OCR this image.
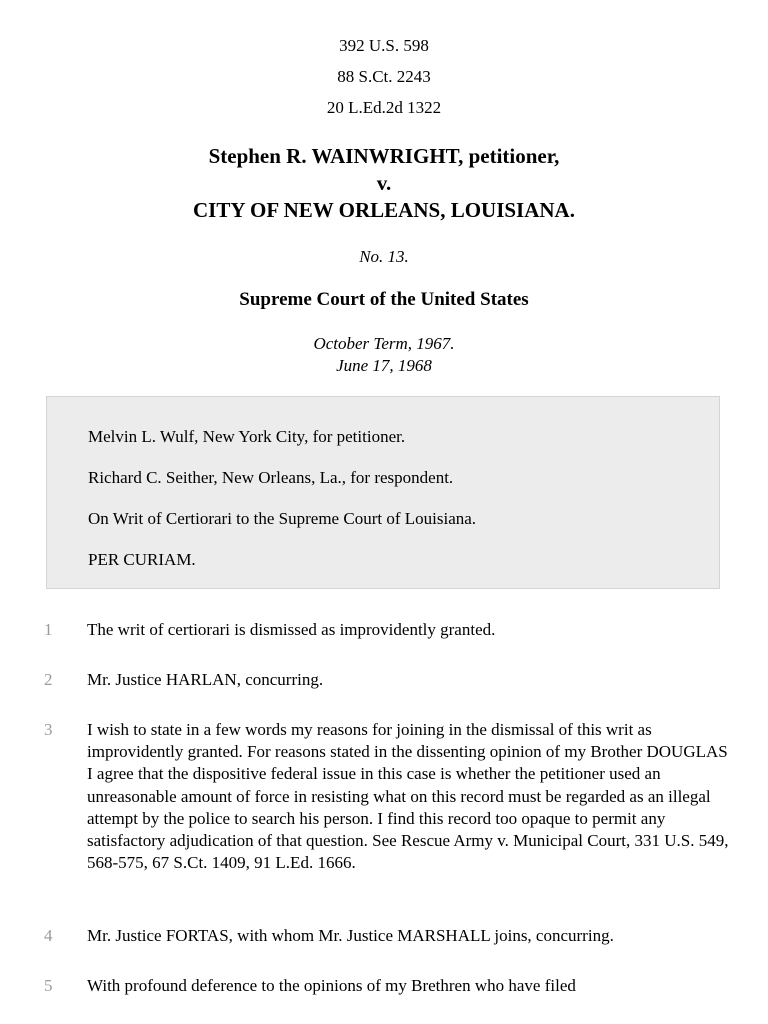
392 U.S. 598
88 S.Ct. 2243
20 L.Ed.2d 1322
Stephen R. WAINWRIGHT, petitioner,
v.
CITY OF NEW ORLEANS, LOUISIANA.
No. 13.
Supreme Court of the United States
October Term, 1967.
June 17, 1968

Melvin L. Wulf, New York City, for petitioner.

Richard C. Seither, New Orleans, La., for respondent.

On Writ of Certiorari to the Supreme Court of Louisiana.

PER CURIAM.

1 The writ of certiorari is dismissed as improvidently granted.

2 Mr. Justice HARLAN, concurring.

3 I wish to state in a few words my reasons for joining in the dismissal of this writ as improvidently granted. For reasons stated in the dissenting opinion of my Brother DOUGLAS I agree that the dispositive federal issue in this case is whether the petitioner used an unreasonable amount of force in resisting what on this record must be regarded as an illegal attempt by the police to search his person. I find this record too opaque to permit any satisfactory adjudication of that question. See Rescue Army v. Municipal Court, 331 U.S. 549, 568-575, 67 S.Ct. 1409, 91 L.Ed. 1666.

4 Mr. Justice FORTAS, with whom Mr. Justice MARSHALL joins, concurring.

5 With profound deference to the opinions of my Brethren who have filed
